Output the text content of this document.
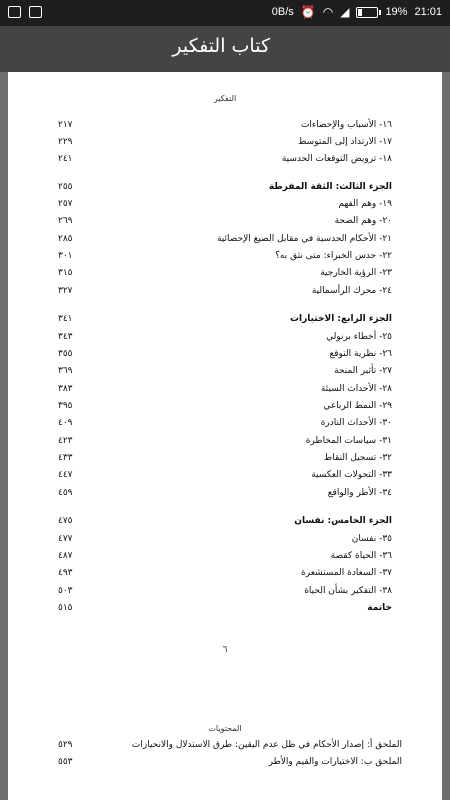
0B/s ⏰ ◠ ◢	19% 21:01
كتاب التفكير
التفكير
١٦- الأسباب والإحصاءات
٢١٧
١٧- الارتداد إلى المتوسط
٢٢٩
١٨- ترويض التوقعات الحدسية
٢٤١
الجزء الثالث: الثقة المفرطة
٢٥٥
١٩- وهم الفهم
٢٥٧
٢٠- وهم الصحة
٢٦٩
٢١- الأحكام الحدسية في مقابل الصيغ الإحصائية
٢٨٥
٢٢- حدس الخبراء: متى نثق به؟
٣٠١
٢٣- الرؤية الخارجية
٣١٥
٢٤- محرك الرأسمالية
٣٢٧
الجزء الرابع: الاختيارات
٣٤١
٢٥- أخطاء برنولي
٣٤٣
٢٦- نظرية التوقع
٣٥٥
٢٧- تأثير المنحة
٣٦٩
٢٨- الأحداث السيئة
٣٨٣
٢٩- النمط الرباعي
٣٩٥
٣٠- الأحداث النادرة
٤٠٩
٣١- سياسات المخاطرة
٤٢٣
٣٢- تسجيل النقاط
٤٣٣
٣٣- التحولات العكسية
٤٤٧
٣٤- الأطر والواقع
٤٥٩
الجزء الخامس: نفسان
٤٧٥
٣٥- نفسان
٤٧٧
٣٦- الحياة كقصة
٤٨٧
٣٧- السعادة المستشعرة
٤٩٣
٣٨- التفكير بشأن الحياة
٥٠٣
خاتمة
٥١٥
٦
المحتويات
الملحق أ: إصدار الأحكام في ظل عدم اليقين: طرق الاستدلال والانحيازات
٥٢٩
الملحق ب: الاختيارات والقيم والأطر
٥٥٣
